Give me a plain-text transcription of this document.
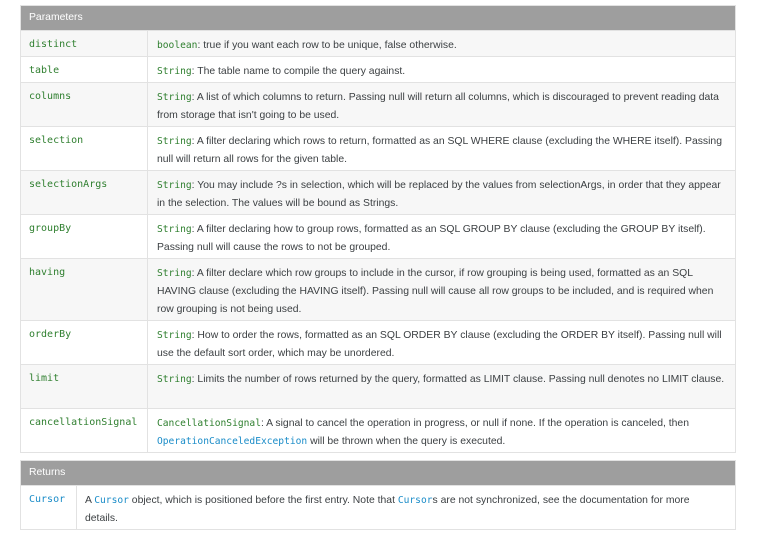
Parameters
distinct	boolean: true if you want each row to be unique, false otherwise.
table	String: The table name to compile the query against.
columns	String: A list of which columns to return. Passing null will return all columns, which is discouraged to prevent reading data from storage that isn't going to be used.
selection	String: A filter declaring which rows to return, formatted as an SQL WHERE clause (excluding the WHERE itself). Passing null will return all rows for the given table.
selectionArgs	String: You may include ?s in selection, which will be replaced by the values from selectionArgs, in order that they appear in the selection. The values will be bound as Strings.
groupBy	String: A filter declaring how to group rows, formatted as an SQL GROUP BY clause (excluding the GROUP BY itself). Passing null will cause the rows to not be grouped.
having	String: A filter declare which row groups to include in the cursor, if row grouping is being used, formatted as an SQL HAVING clause (excluding the HAVING itself). Passing null will cause all row groups to be included, and is required when row grouping is not being used.
orderBy	String: How to order the rows, formatted as an SQL ORDER BY clause (excluding the ORDER BY itself). Passing null will use the default sort order, which may be unordered.
limit	String: Limits the number of rows returned by the query, formatted as LIMIT clause. Passing null denotes no LIMIT clause.
cancellationSignal	CancellationSignal: A signal to cancel the operation in progress, or null if none. If the operation is canceled, then OperationCanceledException will be thrown when the query is executed.
Returns
Cursor	A Cursor object, which is positioned before the first entry. Note that Cursors are not synchronized, see the documentation for more details.
